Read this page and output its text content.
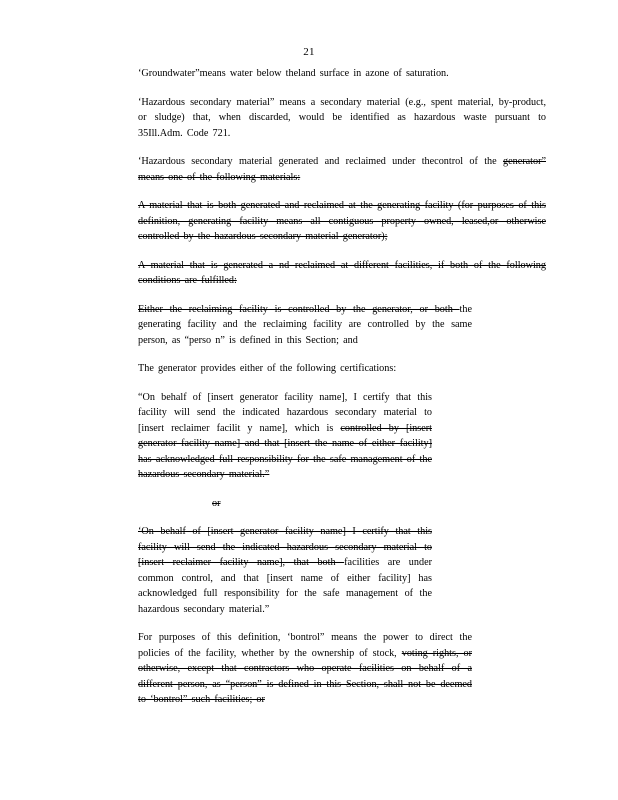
21

‘Groundwater”means water below theland surface in azone of saturation.

‘Hazardous secondary material” means a secondary material (e.g., spent material, by-product, or sludge) that, when discarded, would be identified as hazardous waste pursuant to 35Ill.Adm. Code 721.

‘Hazardous secondary material generated and reclaimed under thecontrol of the generator” means one of the following materials:

A material that is both generated and reclaimed at the generating facility (for purposes of this definition, generating facility means all contiguous property owned, leased,or otherwise controlled by the hazardous secondary material generator);

A material that is generated a nd reclaimed at different facilities, if both of the following conditions are fulfilled:

Either the reclaiming facility is controlled by the generator, or both the generating facility and the reclaiming facility are controlled by the same person, as “perso n” is defined in this Section; and

The generator provides either of the following certifications:

“On behalf of [insert generator facility name], I certify that this facility will send the indicated hazardous secondary material to [insert reclaimer facilit y name], which is controlled by [insert generator facility name] and that [insert the name of either facility] has acknowledged full responsibility for the safe management of the hazardous secondary material.”

or

‘On behalf of [insert generator facility name] I certify that this facility will send the indicated hazardous secondary material to [insert reclaimer facility name], that both facilities are under common control, and that [insert name of either facility] has acknowledged full responsibility for the safe management of the hazardous secondary material.”

For purposes of this definition, ‘bontrol” means the power to direct the policies of the facility, whether by the ownership of stock, voting rights, or otherwise, except that contractors who operate facilities on behalf of a different person, as “person” is defined in this Section, shall not be deemed to ‘bontrol” such facilities; or
